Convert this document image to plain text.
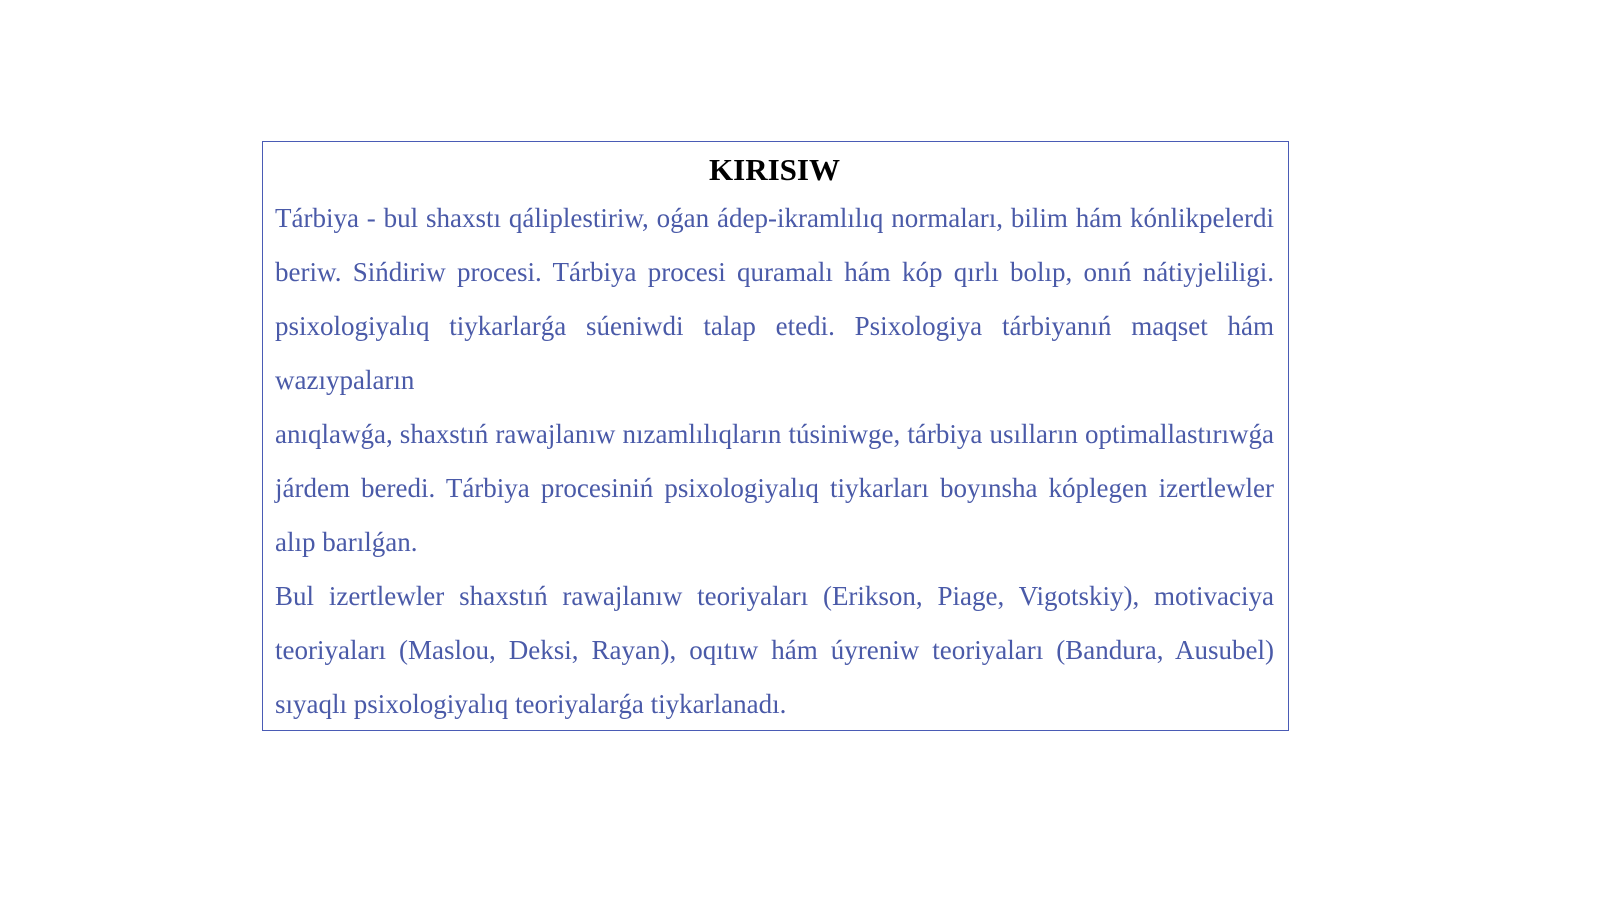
KIRISIW

Tárbiya - bul shaxstı qáliplestiriw, oǵan ádep-ikramlılıq normaları, bilim hám kónlikpelerdi beriw. Sińdiriw procesi. Tárbiya procesi quramalı hám kóp qırlı bolıp, onıń nátiyjeliligi. psixologiyalıq tiykarlarǵa súeniwdi talap etedi. Psixologiya tárbiyanıń maqset hám wazıypaların

anıqlawǵa, shaxstıń rawajlanıw nızamlılıqların túsiniwge, tárbiya usılların optimallastırıwǵa járdem beredi. Tárbiya procesiniń psixologiyalıq tiykarları boyınsha kóplegen izertlewler alıp barılǵan.

Bul izertlewler shaxstıń rawajlanıw teoriyaları (Erikson, Piage, Vigotskiy), motivaciya teoriyaları (Maslou, Deksi, Rayan), oqıtıw hám úyreniw teoriyaları (Bandura, Ausubel) sıyaqlı psixologiyalıq teoriyalarǵa tiykarlanadı.
